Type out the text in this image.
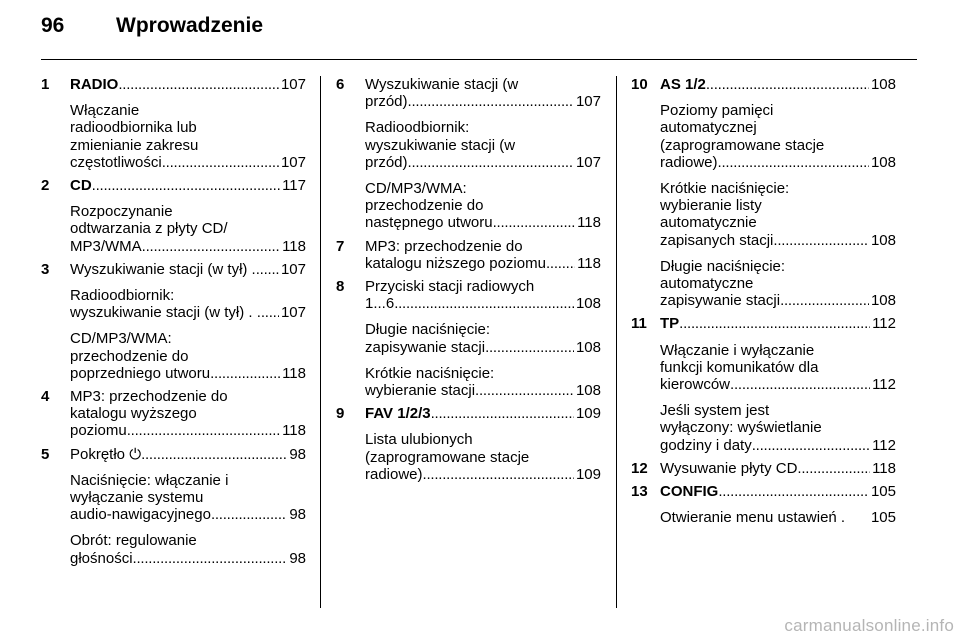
96 Wprowadzenie
1 RADIO . . .	107
Włączanie
radioodbiornika lub
zmienianie zakresu
częstotliwości . . .	107
2 CD . . .	117
Rozpoczynanie
odtwarzania z płyty CD/
MP3/WMA . . .	118
3 Wyszukiwanie stacji (w tył) . . . . 107
Radioodbiornik:
wyszukiwanie stacji (w tył) . . . . . 107
CD/MP3/WMA:
przechodzenie do
poprzedniego utworu . . .	118
4 MP3: przechodzenie do
katalogu wyższego
poziomu . . .	118
5 Pokrętło ⏻ . . .	98
Naciśnięcie: włączanie i
wyłączanie systemu
audio-nawigacyjnego . . .	98
Obrót: regulowanie
głośności . . .	98
6 Wyszukiwanie stacji (w
przód) . . .	107
Radioodbiornik:
wyszukiwanie stacji (w
przód) . . .	107
CD/MP3/WMA:
przechodzenie do
następnego utworu . . .	118
7 MP3: przechodzenie do
katalogu niższego poziomu . . . 118
8 Przyciski stacji radiowych
1...6 . . .	108
Długie naciśnięcie:
zapisywanie stacji . . .	108
Krótkie naciśnięcie:
wybieranie stacji . . .	108
9 FAV 1/2/3 . . .	109
Lista ulubionych
(zaprogramowane stacje
radiowe) . . .	109
10 AS 1/2 . . .	108
Poziomy pamięci
automatycznej
(zaprogramowane stacje
radiowe) . . .	108
Krótkie naciśnięcie:
wybieranie listy
automatycznie
zapisanych stacji . . .	108
Długie naciśnięcie:
automatyczne
zapisywanie stacji . . .	108
11 TP . . .	112
Włączanie i wyłączanie
funkcji komunikatów dla
kierowców . . .	112
Jeśli system jest
wyłączony: wyświetlanie
godziny i daty . . .	112
12 Wysuwanie płyty CD . . .	118
13 CONFIG . . .	105
Otwieranie menu ustawień . 105
carmanualsonline.info
